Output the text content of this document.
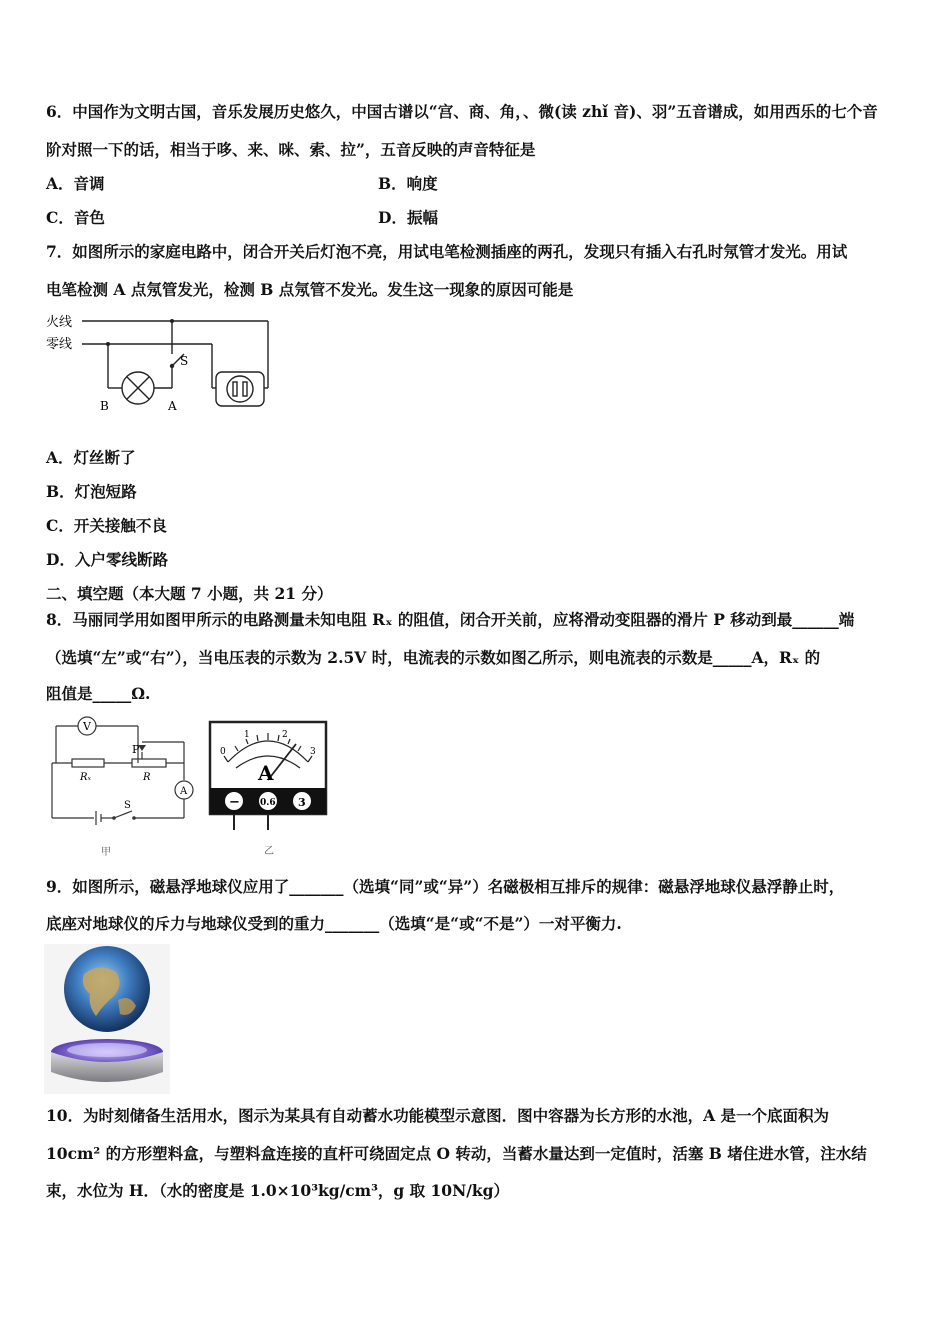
6．中国作为文明古国，音乐发展历史悠久，中国古谱以“宫、商、角，、微(读 zhǐ 音)、羽”五音谱成，如用西乐的七个音
阶对照一下的话，相当于哆、来、咪、索、拉”，五音反映的声音特征是
A．音调	B．响度
C．音色	D．振幅
7．如图所示的家庭电路中，闭合开关后灯泡不亮，用试电笔检测插座的两孔，发现只有插入右孔时氖管才发光。用试
电笔检测 A 点氖管发光，检测 B 点氖管不发光。发生这一现象的原因可能是
火线
零线
S
B	A
A．灯丝断了
B．灯泡短路
C．开关接触不良
D．入户零线断路
二、填空题（本大题 7 小题，共 21 分）
8．马丽同学用如图甲所示的电路测量未知电阻 Rₓ 的阻值，闭合开关前，应将滑动变阻器的滑片 P 移动到最______端
（选填“左”或“右”），当电压表的示数为 2.5V 时，电流表的示数如图乙所示，则电流表的示数是_____A，Rₓ 的
阻值是_____Ω.
V
P
Rₓ	R
A
S
甲
0
1	2
3
A
− 0.6 3
乙
9．如图所示，磁悬浮地球仪应用了_______（选填“同”或“异”）名磁极相互排斥的规律：磁悬浮地球仪悬浮静止时，
底座对地球仪的斥力与地球仪受到的重力_______（选填“是“或“不是”）一对平衡力.
10．为时刻储备生活用水，图示为某具有自动蓄水功能模型示意图．图中容器为长方形的水池，A 是一个底面积为
10cm² 的方形塑料盒，与塑料盒连接的直杆可绕固定点 O 转动，当蓄水量达到一定值时，活塞 B 堵住进水管，注水结
束，水位为 H．（水的密度是 1.0×10³kg/cm³，g 取 10N/kg）
